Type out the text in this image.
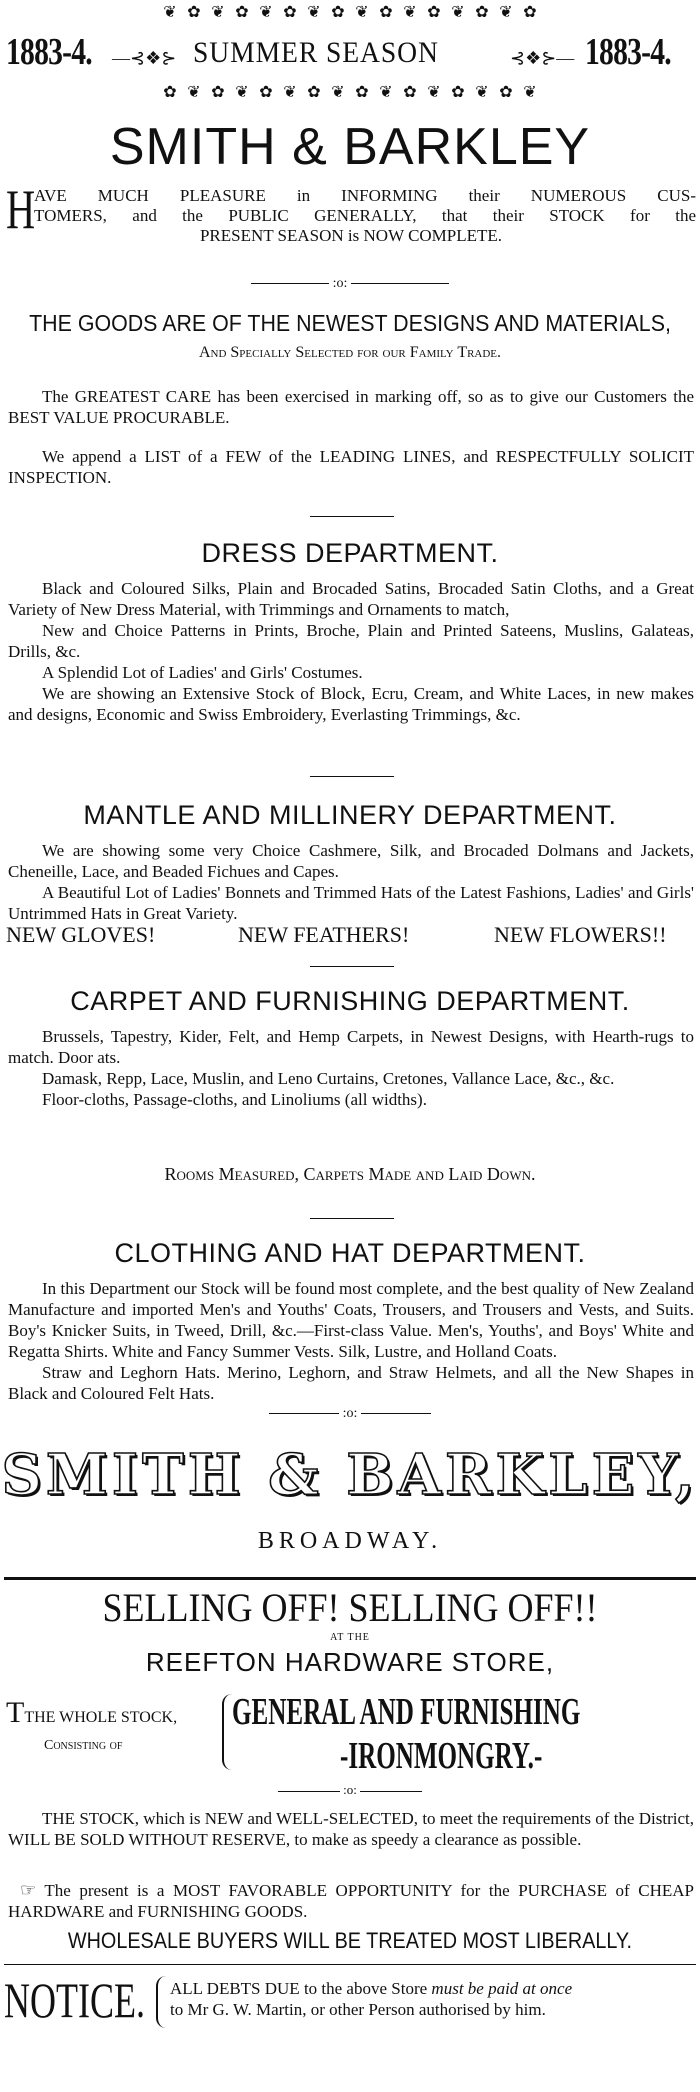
❦ ✿ ❦ ✿ ❦ ✿ ❦ ✿ ❦ ✿ ❦ ✿ ❦ ✿ ❦ ✿
1883-4. —⊰❖⊱ SUMMER SEASON	⊰❖⊱— 1883-4.
✿ ❦ ✿ ❦ ✿ ❦ ✿ ❦ ✿ ❦ ✿ ❦ ✿ ❦ ✿ ❦
SMITH & BARKLEY
H
AVE MUCH PLEASURE in INFORMING their NUMEROUS CUS-
TOMERS, and the PUBLIC GENERALLY, that their STOCK for the
PRESENT SEASON is NOW COMPLETE.
:o:
THE GOODS ARE OF THE NEWEST DESIGNS AND MATERIALS,
And Specially Selected for our Family Trade.

The GREATEST CARE has been exercised in marking off, so as to give our Customers the BEST VALUE PROCURABLE.

We append a LIST of a FEW of the LEADING LINES, and RESPECTFULLY SOLICIT INSPECTION.

DRESS DEPARTMENT.

Black and Coloured Silks, Plain and Brocaded Satins, Brocaded Satin Cloths, and a Great Variety of New Dress Material, with Trimmings and Ornaments to match,

New and Choice Patterns in Prints, Broche, Plain and Printed Sateens, Muslins, Galateas, Drills, &c.

A Splendid Lot of Ladies' and Girls' Costumes.

We are showing an Extensive Stock of Block, Ecru, Cream, and White Laces, in new makes and designs, Economic and Swiss Embroidery, Everlasting Trimmings, &c.

MANTLE AND MILLINERY DEPARTMENT.

We are showing some very Choice Cashmere, Silk, and Brocaded Dolmans and Jackets, Cheneille, Lace, and Beaded Fichues and Capes.

A Beautiful Lot of Ladies' Bonnets and Trimmed Hats of the Latest Fashions, Ladies' and Girls' Untrimmed Hats in Great Variety.

NEW GLOVES!	NEW FEATHERS!	NEW FLOWERS!!
CARPET AND FURNISHING DEPARTMENT.

Brussels, Tapestry, Kider, Felt, and Hemp Carpets, in Newest Designs, with Hearth-rugs to match. Door ats.

Damask, Repp, Lace, Muslin, and Leno Curtains, Cretones, Vallance Lace, &c., &c.

Floor-cloths, Passage-cloths, and Linoliums (all widths).

Rooms Measured, Carpets Made and Laid Down.
CLOTHING AND HAT DEPARTMENT.

In this Department our Stock will be found most complete, and the best quality of New Zealand Manufacture and imported Men's and Youths' Coats, Trousers, and Trousers and Vests, and Suits. Boy's Knicker Suits, in Tweed, Drill, &c.—First-class Value. Men's, Youths', and Boys' White and Regatta Shirts. White and Fancy Summer Vests. Silk, Lustre, and Holland Coats.

Straw and Leghorn Hats. Merino, Leghorn, and Straw Helmets, and all the New Shapes in Black and Coloured Felt Hats.

:o:
SMITH & BARKLEY,
BROADWAY.
SELLING OFF! SELLING OFF!!
AT THE
REEFTON HARDWARE STORE,
TTHE WHOLE STOCK,
Consisting of
GENERAL AND FURNISHING
-IRONMONGRY.-
:o:

THE STOCK, which is NEW and WELL-SELECTED, to meet the requirements of the District, WILL BE SOLD WITHOUT RESERVE, to make as speedy a clearance as possible.

☞ The present is a MOST FAVORABLE OPPORTUNITY for the PURCHASE of CHEAP HARDWARE and FURNISHING GOODS.

WHOLESALE BUYERS WILL BE TREATED MOST LIBERALLY.
NOTICE. ALL DEBTS DUE to the above Store must be paid at once
to Mr G. W. Martin, or other Person authorised by him.
